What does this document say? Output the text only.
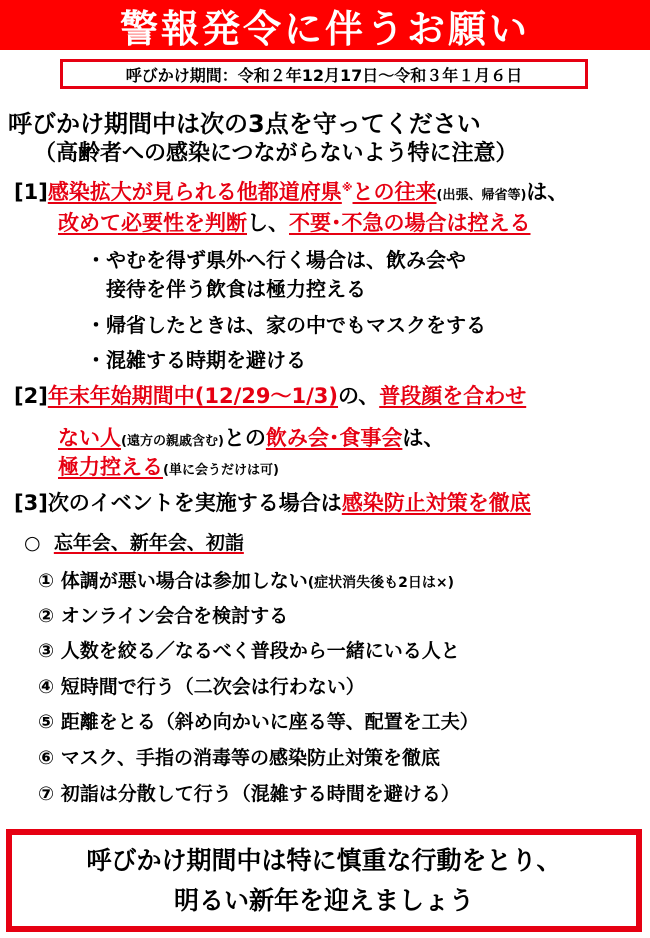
警報発令に伴うお願い
呼びかけ期間：令和２年12月17日～令和３年１月６日
呼びかけ期間中は次の3点を守ってください
（高齢者への感染につながらないよう特に注意）
[1]感染拡大が見られる他都道府県※との往来(出張、帰省等)は、
改めて必要性を判断し、不要･不急の場合は控える
・やむを得ず県外へ行く場合は、飲み会や
　接待を伴う飲食は極力控える
・帰省したときは、家の中でもマスクをする
・混雑する時期を避ける
[2]年末年始期間中(12/29～1/3)の、普段顔を合わせ
ない人(遠方の親戚含む)との飲み会･食事会は、
極力控える(単に会うだけは可)
[3]次のイベントを実施する場合は感染防止対策を徹底
○ 忘年会、新年会、初詣
① 体調が悪い場合は参加しない(症状消失後も2日は×)
② オンライン会合を検討する
③ 人数を絞る／なるべく普段から一緒にいる人と
④ 短時間で行う（二次会は行わない）
⑤ 距離をとる（斜め向かいに座る等、配置を工夫）
⑥ マスク、手指の消毒等の感染防止対策を徹底
⑦ 初詣は分散して行う（混雑する時間を避ける）
呼びかけ期間中は特に慎重な行動をとり、
明るい新年を迎えましょう
